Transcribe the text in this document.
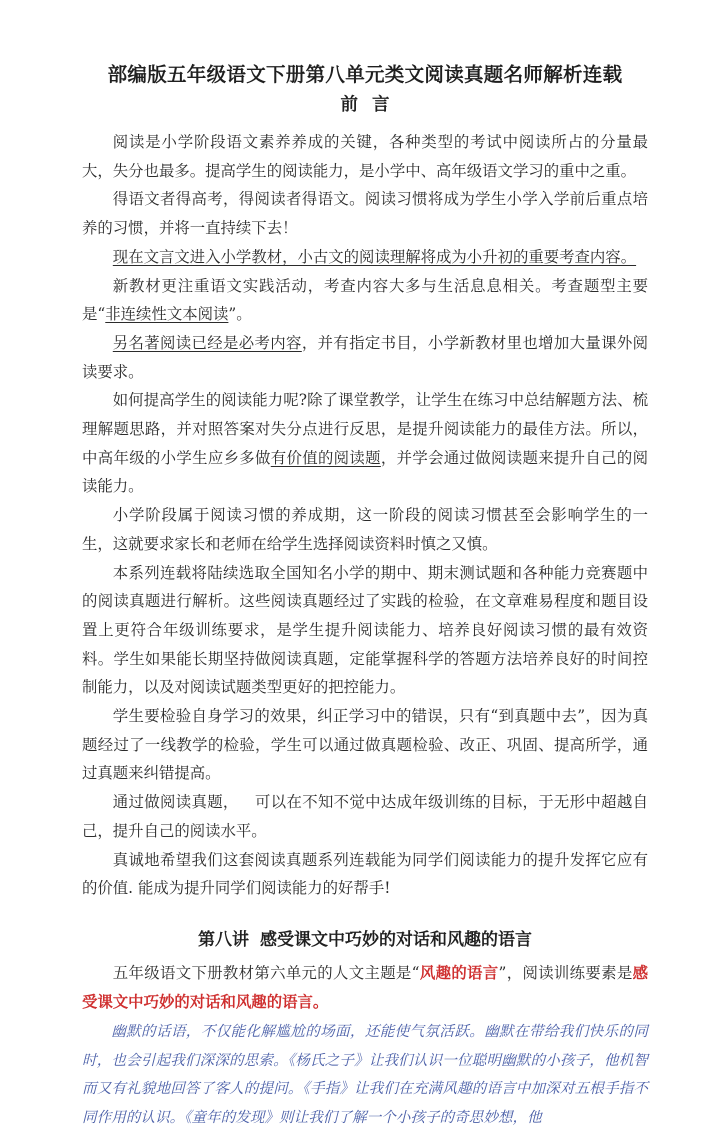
部编版五年级语文下册第八单元类文阅读真题名师解析连载
前 言

阅读是小学阶段语文素养养成的关键，各种类型的考试中阅读所占的分量最大，失分也最多。提高学生的阅读能力，是小学中、高年级语文学习的重中之重。

得语文者得高考，得阅读者得语文。阅读习惯将成为学生小学入学前后重点培养的习惯，并将一直持续下去！

现在文言文进入小学教材，小古文的阅读理解将成为小升初的重要考查内容。

新教材更注重语文实践活动，考查内容大多与生活息息相关。考查题型主要是“非连续性文本阅读”。

另名著阅读已经是必考内容，并有指定书目，小学新教材里也增加大量课外阅读要求。

如何提高学生的阅读能力呢?除了课堂教学，让学生在练习中总结解题方法、梳理解题思路，并对照答案对失分点进行反思，是提升阅读能力的最佳方法。所以，中高年级的小学生应乡多做有价值的阅读题，并学会通过做阅读题来提升自己的阅读能力。

小学阶段属于阅读习惯的养成期，这一阶段的阅读习惯甚至会影响学生的一生，这就要求家长和老师在给学生选择阅读资料时慎之又慎。

本系列连载将陆续选取全国知名小学的期中、期末测试题和各种能力竞赛题中的阅读真题进行解析。这些阅读真题经过了实践的检验，在文章难易程度和题目设置上更符合年级训练要求，是学生提升阅读能力、培养良好阅读习惯的最有效资料。学生如果能长期坚持做阅读真题，定能掌握科学的答题方法培养良好的时间控制能力，以及对阅读试题类型更好的把控能力。

学生要检验自身学习的效果，纠正学习中的错误，只有“到真题中去”，因为真题经过了一线教学的检验，学生可以通过做真题检验、改正、巩固、提高所学，通过真题来纠错提高。

通过做阅读真题， 可以在不知不觉中达成年级训练的目标，于无形中超越自己，提升自己的阅读水平。

真诚地希望我们这套阅读真题系列连载能为同学们阅读能力的提升发挥它应有的价值. 能成为提升同学们阅读能力的好帮手!

第八讲 感受课文中巧妙的对话和风趣的语言

五年级语文下册教材第六单元的人文主题是“风趣的语言”，阅读训练要素是感受课文中巧妙的对话和风趣的语言。

幽默的话语，不仅能化解尴尬的场面，还能使气氛活跃。幽默在带给我们快乐的同时，也会引起我们深深的思索。《杨氏之子》让我们认识一位聪明幽默的小孩子，他机智而又有礼貌地回答了客人的提问。《手指》让我们在充满风趣的语言中加深对五根手指不同作用的认识。《童年的发现》则让我们了解一个小孩子的奇思妙想，他
